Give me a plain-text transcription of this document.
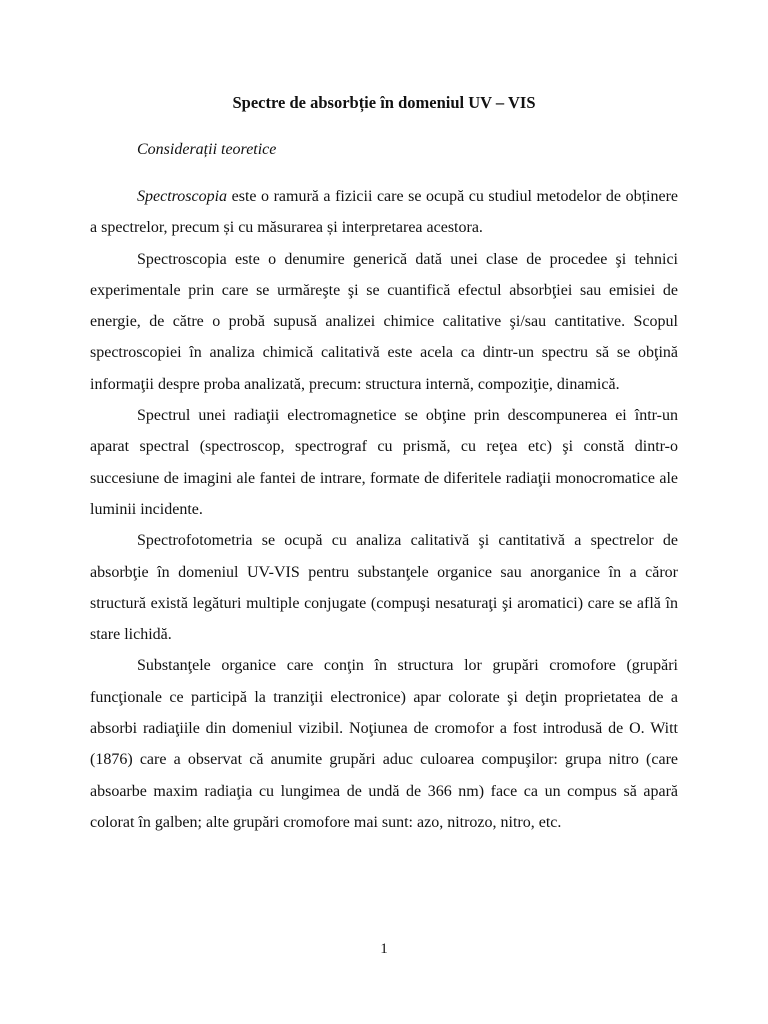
Spectre de absorbție în domeniul UV – VIS
Considerații teoretice

Spectroscopia este o ramură a fizicii care se ocupă cu studiul metodelor de obținere a spectrelor, precum și cu măsurarea și interpretarea acestora.

Spectroscopia este o denumire generică dată unei clase de procedee şi tehnici experimentale prin care se urmăreşte şi se cuantifică efectul absorbţiei sau emisiei de energie, de către o probă supusă analizei chimice calitative şi/sau cantitative. Scopul spectroscopiei în analiza chimică calitativă este acela ca dintr-un spectru să se obţină informaţii despre proba analizată, precum: structura internă, compoziţie, dinamică.

Spectrul unei radiaţii electromagnetice se obţine prin descompunerea ei într-un aparat spectral (spectroscop, spectrograf cu prismă, cu reţea etc) şi constă dintr-o succesiune de imagini ale fantei de intrare, formate de diferitele radiaţii monocromatice ale luminii incidente.

Spectrofotometria se ocupă cu analiza calitativă şi cantitativă a spectrelor de absorbţie în domeniul UV-VIS pentru substanţele organice sau anorganice în a căror structură există legături multiple conjugate (compuşi nesaturaţi şi aromatici) care se află în stare lichidă.

Substanţele organice care conţin în structura lor grupări cromofore (grupări funcţionale ce participă la tranziţii electronice) apar colorate şi deţin proprietatea de a absorbi radiaţiile din domeniul vizibil. Noţiunea de cromofor a fost introdusă de O. Witt (1876) care a observat că anumite grupări aduc culoarea compuşilor: grupa nitro (care absoarbe maxim radiaţia cu lungimea de undă de 366 nm) face ca un compus să apară colorat în galben; alte grupări cromofore mai sunt: azo, nitrozo, nitro, etc.

1
